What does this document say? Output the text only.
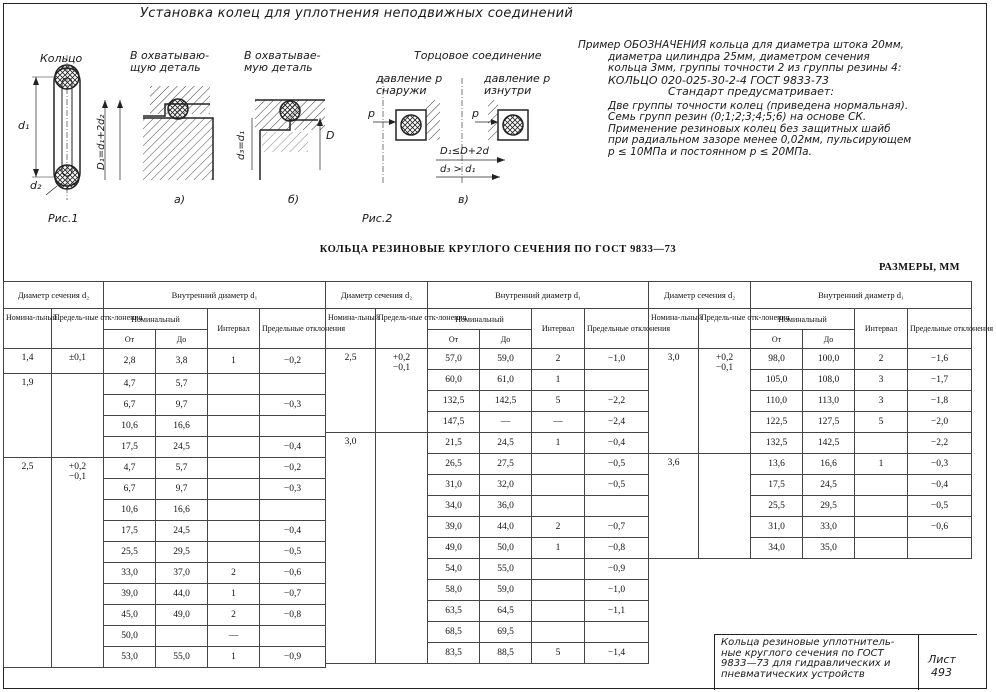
Установка колец для уплотнения неподвижных соединений
Кольцо	В охватываю-
щую деталь
В охватывае-
мую деталь
Торцовое соединение
давление р
снаружи
давление р
изнутри
d₁
d₂
D₁=d₁+2d₂	d₃=d₁	D
p	p
D₁≤D+2d
d₃ > d₁
а)	б)	в)
Рис.1	Рис.2

Пример ОБОЗНАЧЕНИЯ кольца для диаметра штока 20мм,

диаметра цилиндра 25мм, диаметром сечения

кольца 3мм, группы точности 2 из группы резины 4:

КОЛЬЦО 020-025-30-2-4 ГОСТ 9833-73

Стандарт предусматривает:

Две группы точности колец (приведена нормальная).

Семь групп резин (0;1;2;3;4;5;6) на основе СК.

Применение резиновых колец без защитных шайб

при радиальном зазоре менее 0,02мм, пульсирующем

p ≤ 10МПа и постоянном p ≤ 20МПа.

КОЛЬЦА РЕЗИНОВЫЕ КРУГЛОГО СЕЧЕНИЯ ПО ГОСТ 9833—73
РАЗМЕРЫ, ММ
Диаметр сечения d₂		Внутренний диаметр d₁			
Номина-льный	Предель-ные отк-лонения	Номинальный		Интервал	Предельные отклонения
		От	До		
1,4	±0,1	2,8	3,8	1	−0,2
1,9		4,7	5,7		
		6,7	9,7		−0,3
		10,6	16,6		
		17,5	24,5		−0,4
2,5	+0,2
−0,1	4,7	5,7		−0,2
		6,7	9,7		−0,3
		10,6	16,6		
		17,5	24,5		−0,4
		25,5	29,5		−0,5
		33,0	37,0	2	−0,6
		39,0	44,0	1	−0,7
		45,0	49,0	2	−0,8
		50,0		—	
		53,0	55,0	1	−0,9
Диаметр сечения d₂		Внутренний диаметр d₁			
Номина-льный	Предель-ные отк-лонения	Номинальный		Интервал	Предельные отклонения
		От	До		
2,5	+0,2
−0,1	57,0	59,0	2	−1,0
		60,0	61,0	1	
		132,5	142,5	5	−2,2
		147,5	—	—	−2,4
3,0		21,5	24,5	1	−0,4
		26,5	27,5		−0,5
		31,0	32,0		−0,5
		34,0	36,0		
		39,0	44,0	2	−0,7
		49,0	50,0	1	−0,8
		54,0	55,0		−0,9
		58,0	59,0		−1,0
		63,5	64,5		−1,1
		68,5	69,5		
		83,5	88,5	5	−1,4
Диаметр сечения d₂		Внутренний диаметр d₁			
Номина-льный	Предель-ные отк-лонения	Номинальный		Интервал	Предельные отклонения
		От	До		
3,0	+0,2
−0,1	98,0	100,0	2	−1,6
		105,0	108,0	3	−1,7
		110,0	113,0	3	−1,8
		122,5	127,5	5	−2,0
		132,5	142,5		−2,2
3,6		13,6	16,6	1	−0,3
		17,5	24,5		−0,4
		25,5	29,5		−0,5
		31,0	33,0		−0,6
		34,0	35,0		
Кольца резиновые уплотнитель-
ные круглого сечения по ГОСТ
9833—73 для гидравлических и
пневматических устройств
Лист
493
